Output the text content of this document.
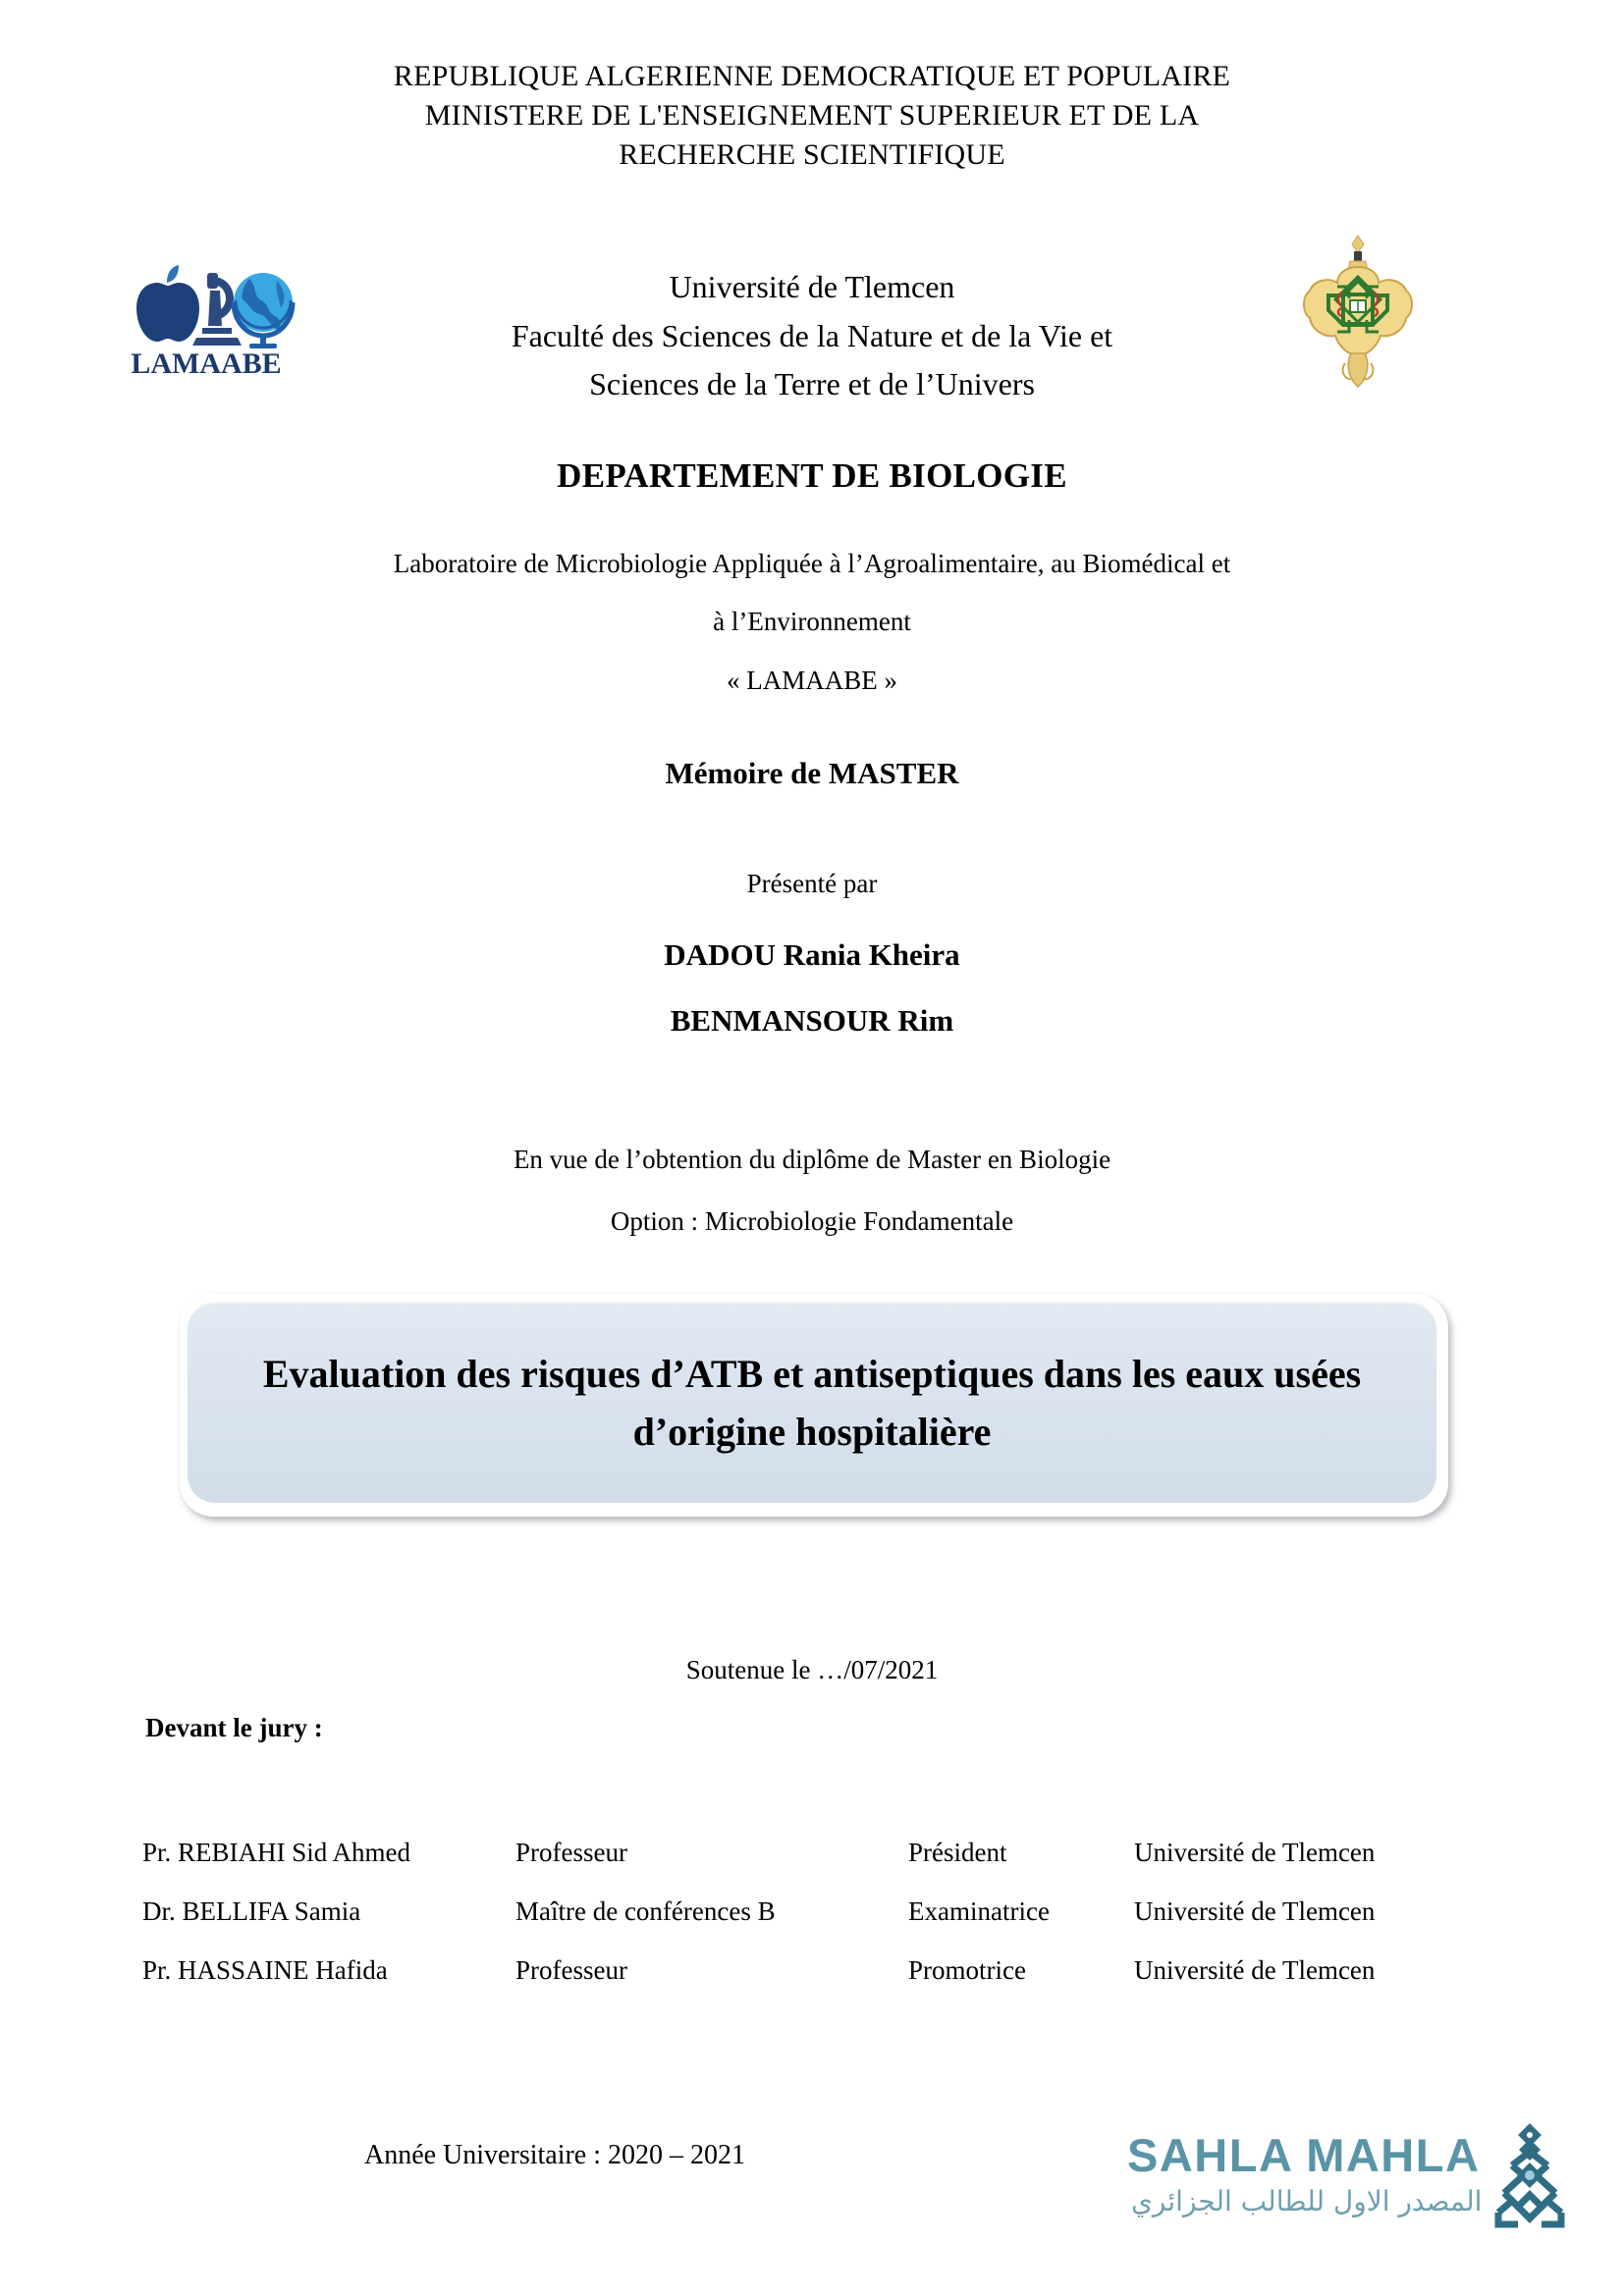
REPUBLIQUE ALGERIENNE DEMOCRATIQUE ET POPULAIRE
MINISTERE DE L'ENSEIGNEMENT SUPERIEUR ET DE LA
RECHERCHE SCIENTIFIQUE
LAMAABE
Université de Tlemcen
Faculté des Sciences de la Nature et de la Vie et
Sciences de la Terre et de l’Univers
DEPARTEMENT DE BIOLOGIE
Laboratoire de Microbiologie Appliquée à l’Agroalimentaire, au Biomédical et
à l’Environnement
« LAMAABE »
Mémoire de MASTER
Présenté par
DADOU Rania Kheira
BENMANSOUR Rim
En vue de l’obtention du diplôme de Master en Biologie
Option : Microbiologie Fondamentale
Evaluation des risques d’ATB et antiseptiques dans les eaux usées d’origine hospitalière
Soutenue le …/07/2021
Devant le jury :
Pr. REBIAHI Sid Ahmed	Professeur	Président	Université de Tlemcen
Dr. BELLIFA Samia	Maître de conférences B	Examinatrice	Université de Tlemcen
Pr. HASSAINE Hafida	Professeur	Promotrice	Université de Tlemcen
Année Universitaire : 2020 – 2021	SAHLA MAHLA
المصدر الاول للطالب الجزائري
